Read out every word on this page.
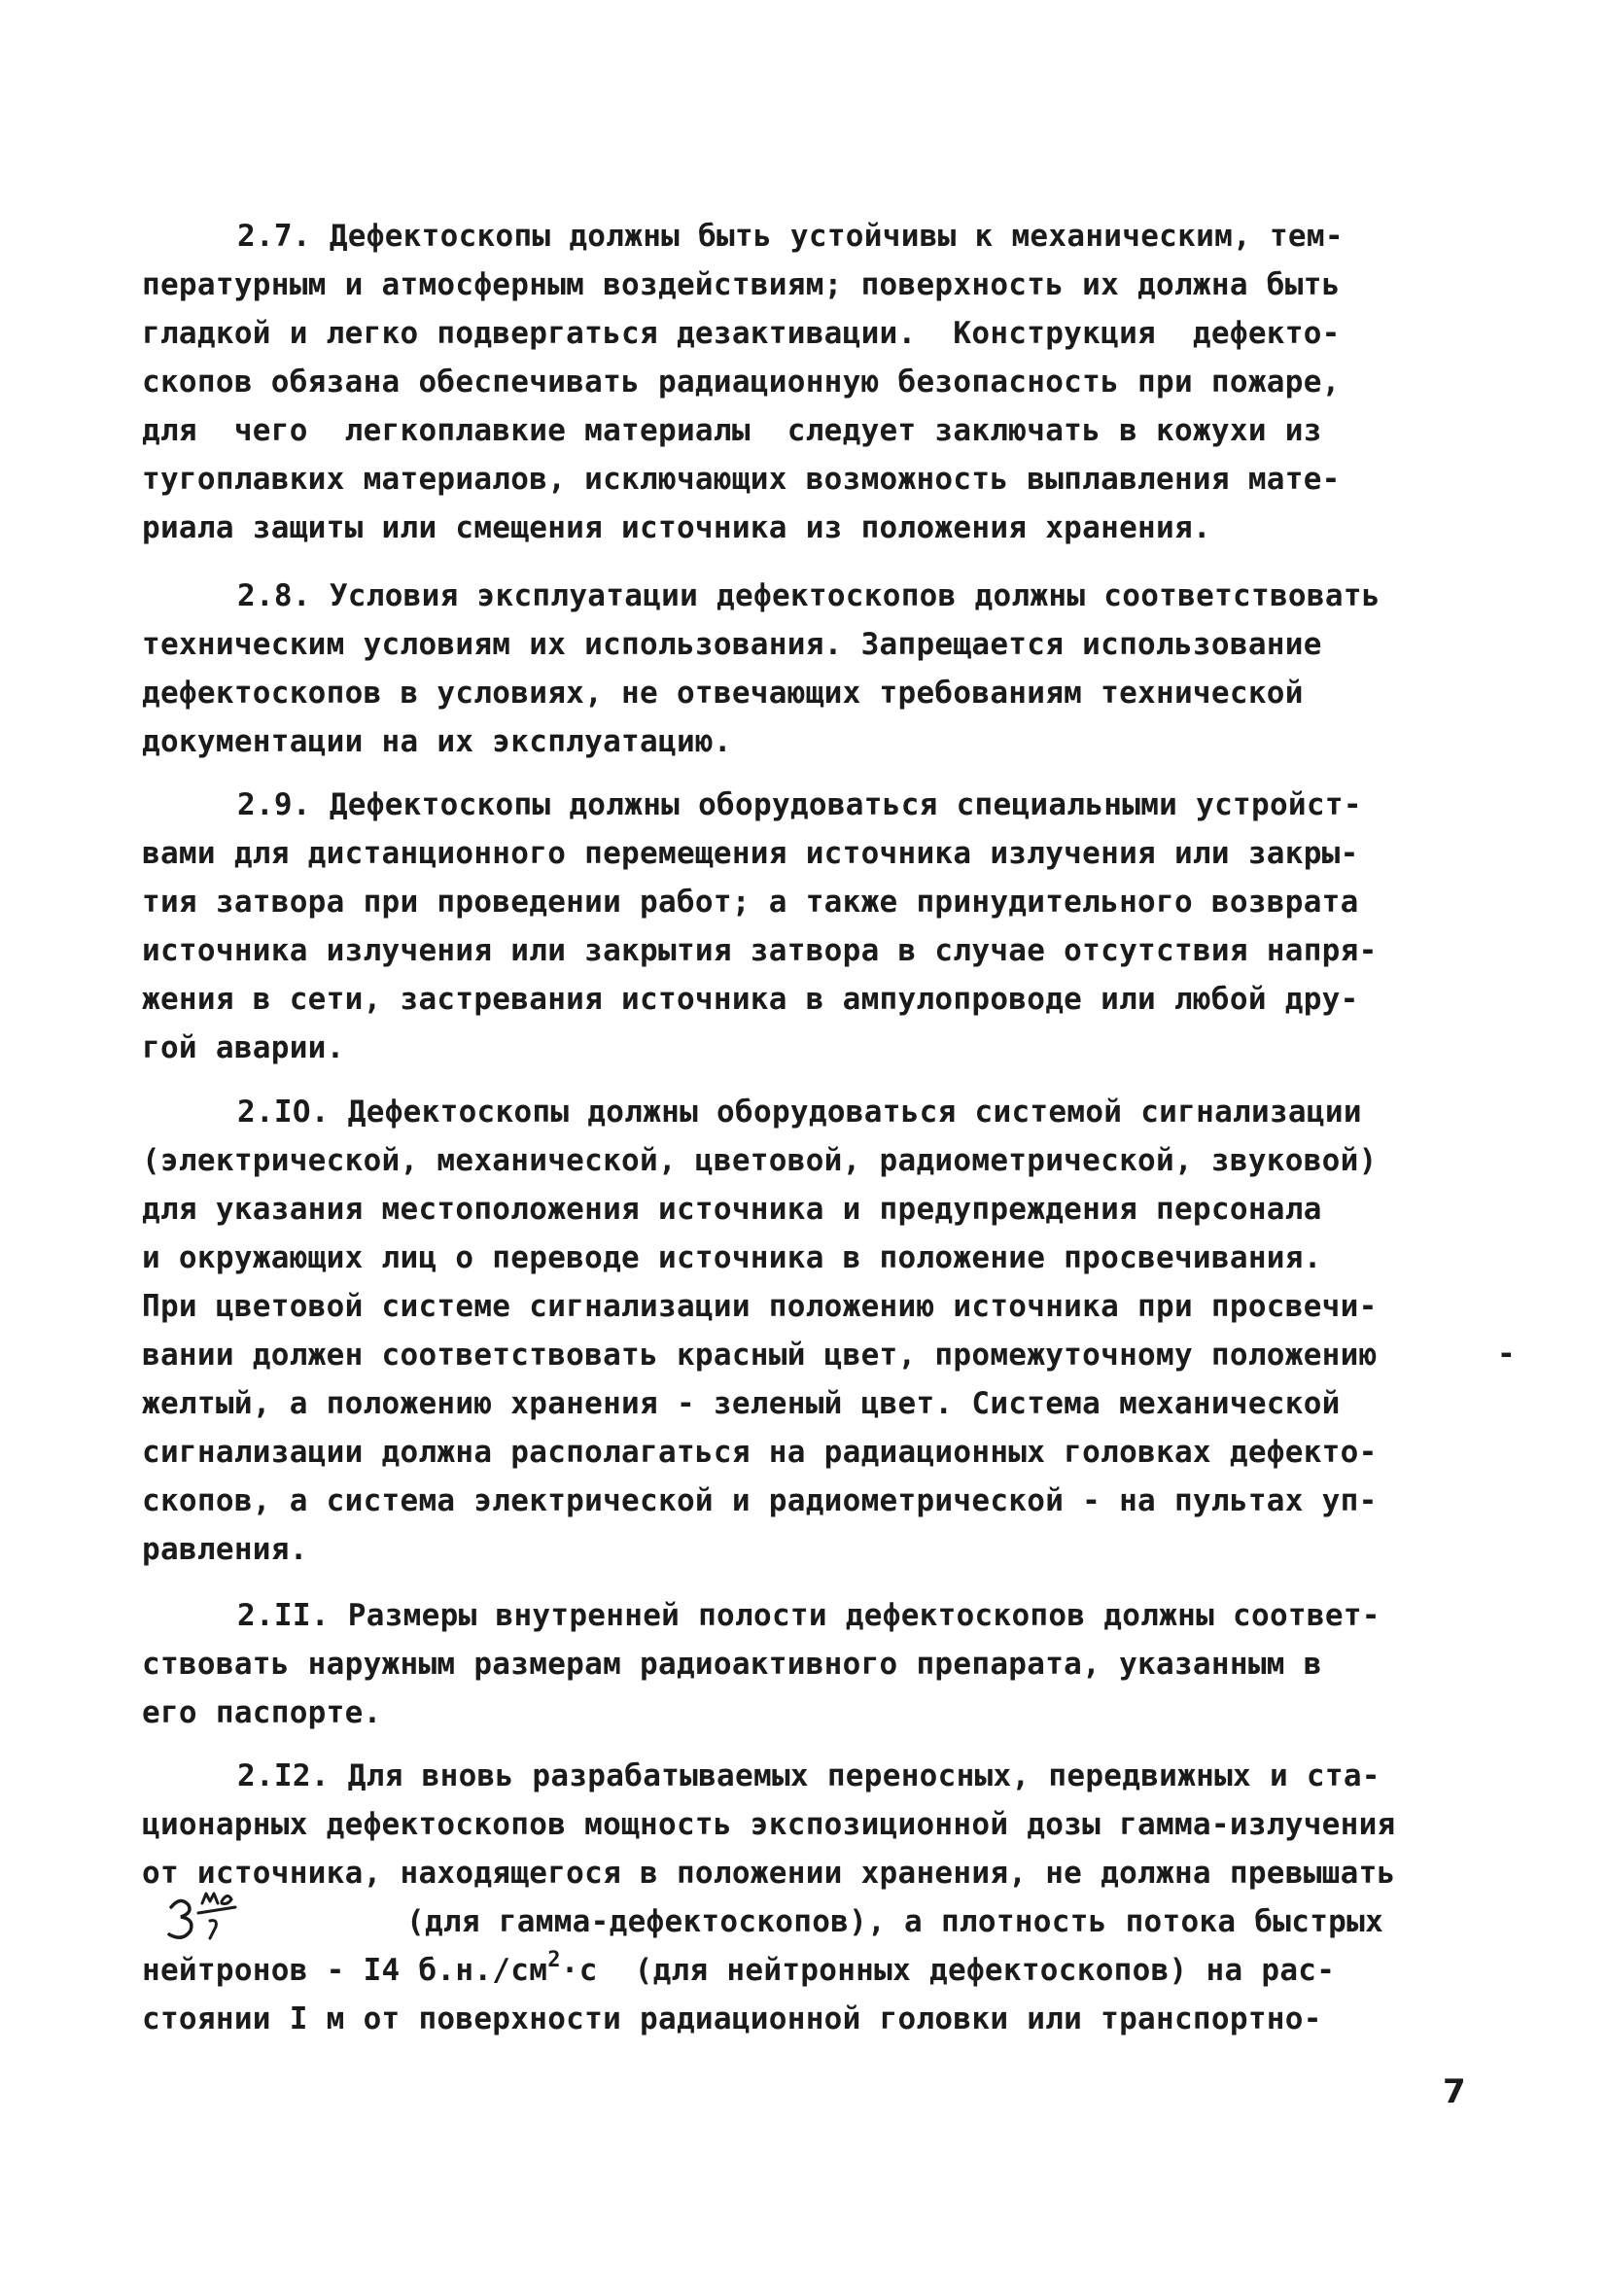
2.7. Дефектоскопы должны быть устойчивы к механическим, тем-
пературным и атмосферным воздействиям; поверхность их должна быть
гладкой и легко подвергаться дезактивации.  Конструкция  дефекто-
скопов обязана обеспечивать радиационную безопасность при пожаре,
для  чего  легкоплавкие материалы  следует заключать в кожухи из
тугоплавких материалов, исключающих возможность выплавления мате-
риала защиты или смещения источника из положения хранения.
2.8. Условия эксплуатации дефектоскопов должны соответствовать
техническим условиям их использования. Запрещается использование
дефектоскопов в условиях, не отвечающих требованиям технической
документации на их эксплуатацию.
2.9. Дефектоскопы должны оборудоваться специальными устройст-
вами для дистанционного перемещения источника излучения или закры-
тия затвора при проведении работ; а также принудительного возврата
источника излучения или закрытия затвора в случае отсутствия напря-
жения в сети, застревания источника в ампулопроводе или любой дру-
гой аварии.
2.IO. Дефектоскопы должны оборудоваться системой сигнализации
(электрической, механической, цветовой, радиометрической, звуковой)
для указания местоположения источника и предупреждения персонала
и окружающих лиц о переводе источника в положение просвечивания.
При цветовой системе сигнализации положению источника при просвечи-
вании должен соответствовать красный цвет, промежуточному положению
желтый, а положению хранения - зеленый цвет. Система механической
сигнализации должна располагаться на радиационных головках дефекто-
скопов, а система электрической и радиометрической - на пультах уп-
равления.
-
2.II. Размеры внутренней полости дефектоскопов должны соответ-
ствовать наружным размерам радиоактивного препарата, указанным в
его паспорте.
2.I2. Для вновь разрабатываемых переносных, передвижных и ста-
ционарных дефектоскопов мощность экспозиционной дозы гамма-излучения
от источника, находящегося в положении хранения, не должна превышать

(для гамма-дефектоскопов), а плотность потока быстрых

нейтронов - I4 $б.н./см^2\cdot с$  (для нейтронных дефектоскопов) на рас-
стоянии I м от поверхности радиационной головки или транспортно-
7
